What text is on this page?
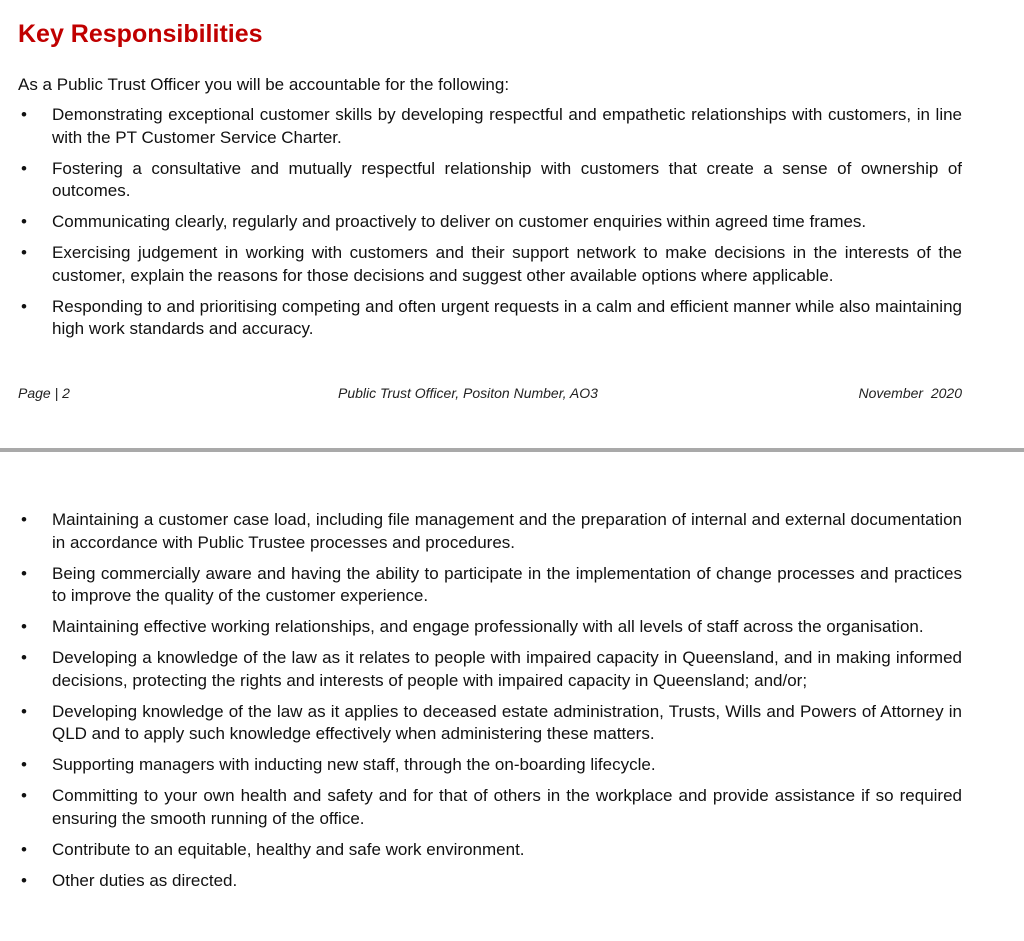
Key Responsibilities

As a Public Trust Officer you will be accountable for the following:

• Demonstrating exceptional customer skills by developing respectful and empathetic relationships with customers, in line with the PT Customer Service Charter.
• Fostering a consultative and mutually respectful relationship with customers that create a sense of ownership of outcomes.
• Communicating clearly, regularly and proactively to deliver on customer enquiries within agreed time frames.
• Exercising judgement in working with customers and their support network to make decisions in the interests of the customer, explain the reasons for those decisions and suggest other available options where applicable.
• Responding to and prioritising competing and often urgent requests in a calm and efficient manner while also maintaining high work standards and accuracy.
Page | 2	Public Trust Officer, Positon Number, AO3	November  2020
• Maintaining a customer case load, including file management and the preparation of internal and external documentation in accordance with Public Trustee processes and procedures.
• Being commercially aware and having the ability to participate in the implementation of change processes and practices to improve the quality of the customer experience.
• Maintaining effective working relationships, and engage professionally with all levels of staff across the organisation.
• Developing a knowledge of the law as it relates to people with impaired capacity in Queensland, and in making informed decisions, protecting the rights and interests of people with impaired capacity in Queensland; and/or;
• Developing knowledge of the law as it applies to deceased estate administration, Trusts, Wills and Powers of Attorney in QLD and to apply such knowledge effectively when administering these matters.
• Supporting managers with inducting new staff, through the on-boarding lifecycle.
• Committing to your own health and safety and for that of others in the workplace and provide assistance if so required ensuring the smooth running of the office.
• Contribute to an equitable, healthy and safe work environment.
• Other duties as directed.
